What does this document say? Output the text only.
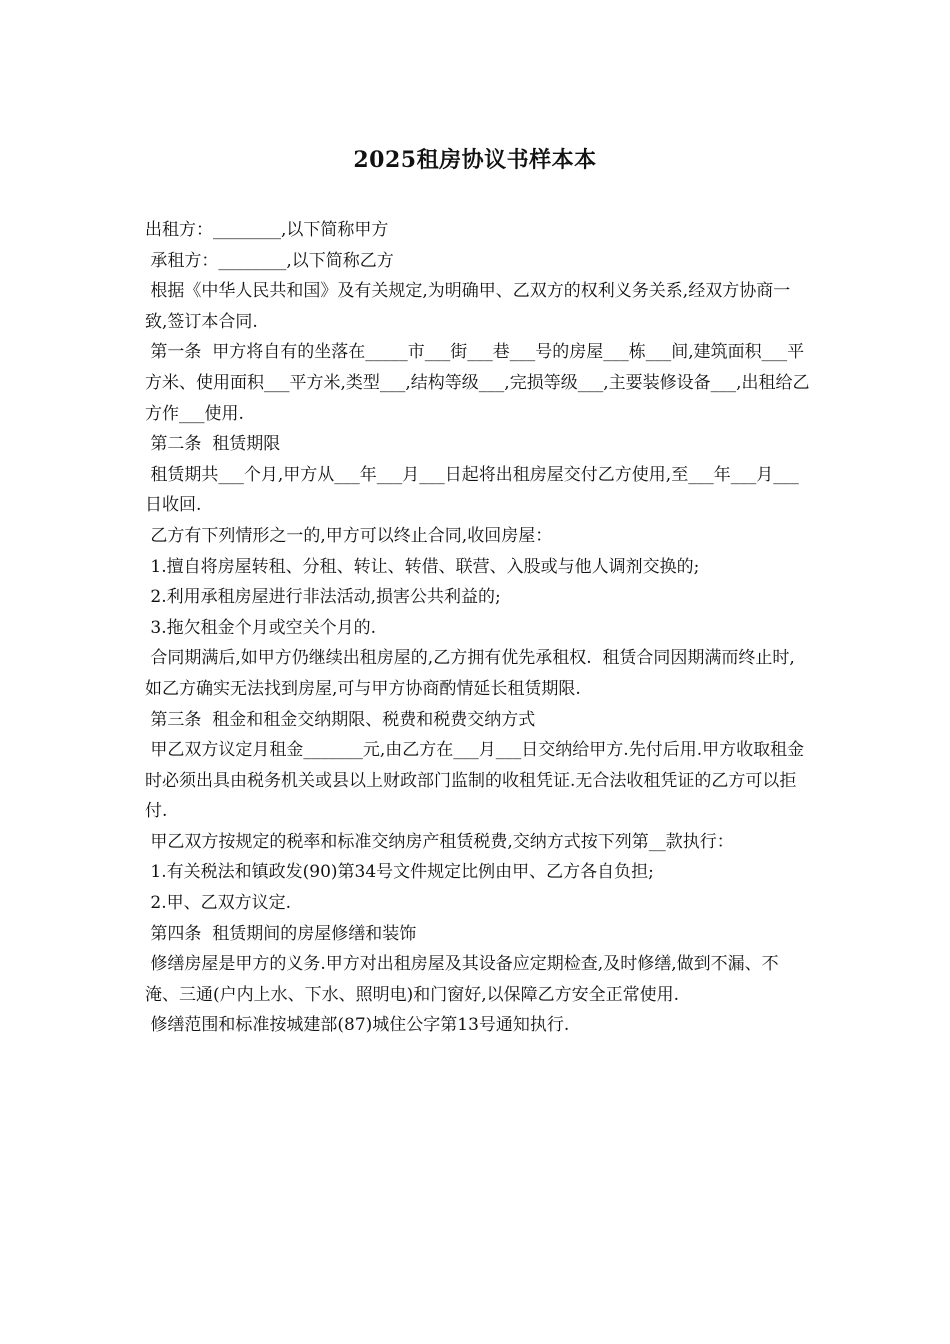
2025租房协议书样本本

出租方：________,以下简称甲方

承租方：________,以下简称乙方

根据《中华人民共和国》及有关规定,为明确甲、乙双方的权利义务关系,经双方协商一致,签订本合同.

第一条  甲方将自有的坐落在_____市___街___巷___号的房屋___栋___间,建筑面积___平方米、使用面积___平方米,类型___,结构等级___,完损等级___,主要装修设备___,出租给乙方作___使用.

第二条  租赁期限

租赁期共___个月,甲方从___年___月___日起将出租房屋交付乙方使用,至___年___月___日收回.

乙方有下列情形之一的,甲方可以终止合同,收回房屋：

1.擅自将房屋转租、分租、转让、转借、联营、入股或与他人调剂交换的;

2.利用承租房屋进行非法活动,损害公共利益的;

3.拖欠租金个月或空关个月的.

合同期满后,如甲方仍继续出租房屋的,乙方拥有优先承租权.  租赁合同因期满而终止时,如乙方确实无法找到房屋,可与甲方协商酌情延长租赁期限.

第三条  租金和租金交纳期限、税费和税费交纳方式

甲乙双方议定月租金_______元,由乙方在___月___日交纳给甲方.先付后用.甲方收取租金时必须出具由税务机关或县以上财政部门监制的收租凭证.无合法收租凭证的乙方可以拒付.

甲乙双方按规定的税率和标准交纳房产租赁税费,交纳方式按下列第__款执行：

1.有关税法和镇政发(90)第34号文件规定比例由甲、乙方各自负担;

2.甲、乙双方议定.

第四条  租赁期间的房屋修缮和装饰

修缮房屋是甲方的义务.甲方对出租房屋及其设备应定期检查,及时修缮,做到不漏、不淹、三通(户内上水、下水、照明电)和门窗好,以保障乙方安全正常使用.

修缮范围和标准按城建部(87)城住公字第13号通知执行.
